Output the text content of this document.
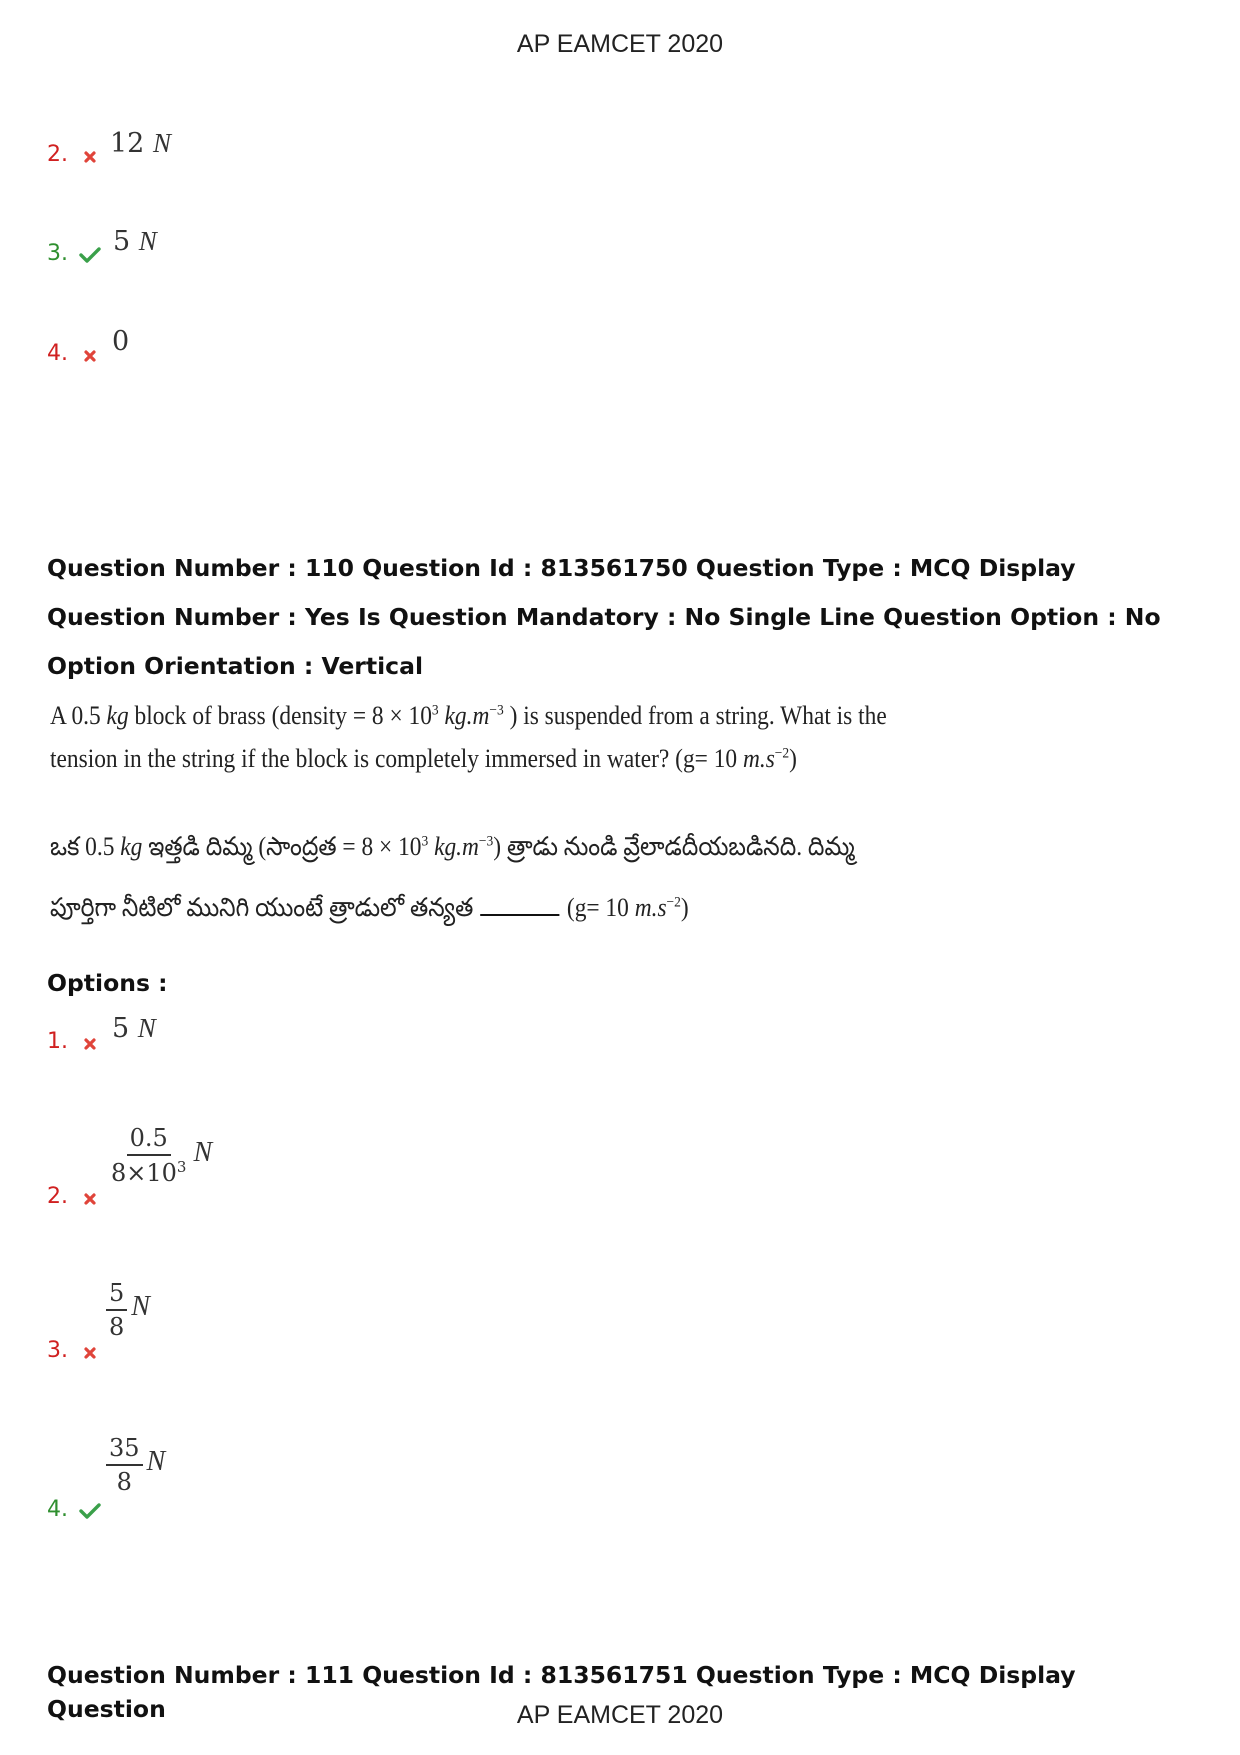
AP EAMCET 2020
2.	12 N
3.	5 N
4.	0
Question Number : 110 Question Id : 813561750 Question Type : MCQ Display Question Number : Yes Is Question Mandatory : No Single Line Question Option : No Option Orientation : Vertical
A 0.5 kg block of brass (density = $8 \times 10^3$ $kg.m^{-3}$ ) is suspended from a string. What is the
tension in the string if the block is completely immersed in water? (g= 10 $m.s^{-2}$)
ఒక 0.5 kg ఇత్తడి దిమ్మ (సాంద్రత = $8 \times 10^3$ $kg.m^{-3}$) త్రాడు నుండి వ్రేలాడదీయబడినది. దిమ్మ
పూర్తిగా నీటిలో మునిగి యుంటే త్రాడులో తన్యత	(g= 10 $m.s^{-2}$)
Options :
1.	5 N
2.
$\frac{0.5}{8\times 10^3}$ N
3.
$\frac{5}{8}$ N
4.
$\frac{35}{8}$ N
Question Number : 111 Question Id : 813561751 Question Type : MCQ Display Question	AP EAMCET 2020
